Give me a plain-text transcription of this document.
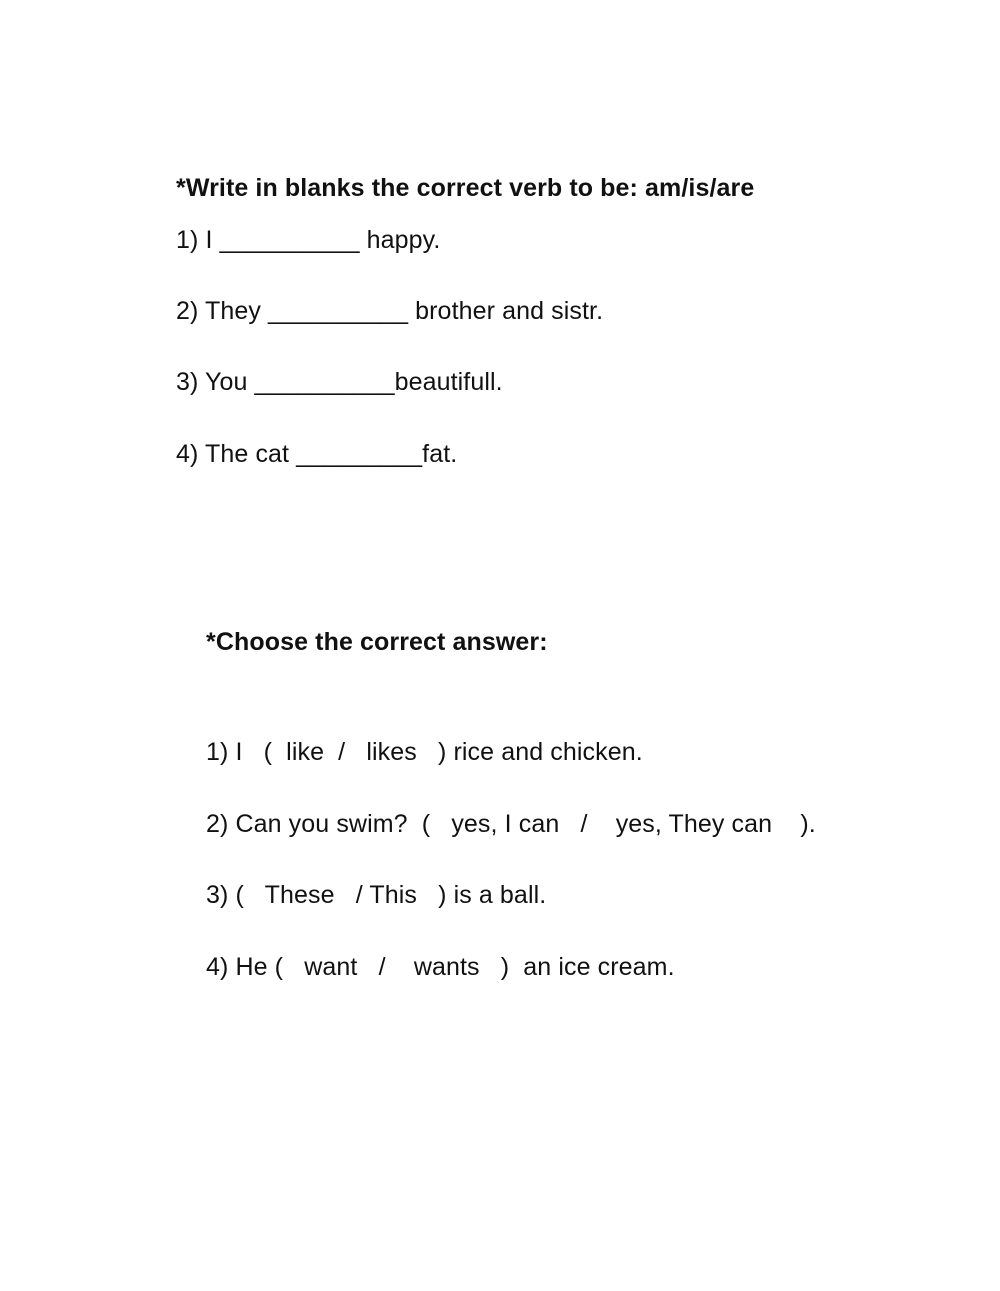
*Write in blanks the correct verb to be: am/is/are
1) I __________ happy.
2) They __________ brother and sistr.
3) You __________beautifull.
4) The cat _________fat.
*Choose the correct answer:
1) I   (  like  /   likes   ) rice and chicken.
2) Can you swim?  (   yes, I can   /    yes, They can    ).
3) (   These   / This   ) is a ball.
4) He (   want   /    wants   )  an ice cream.
